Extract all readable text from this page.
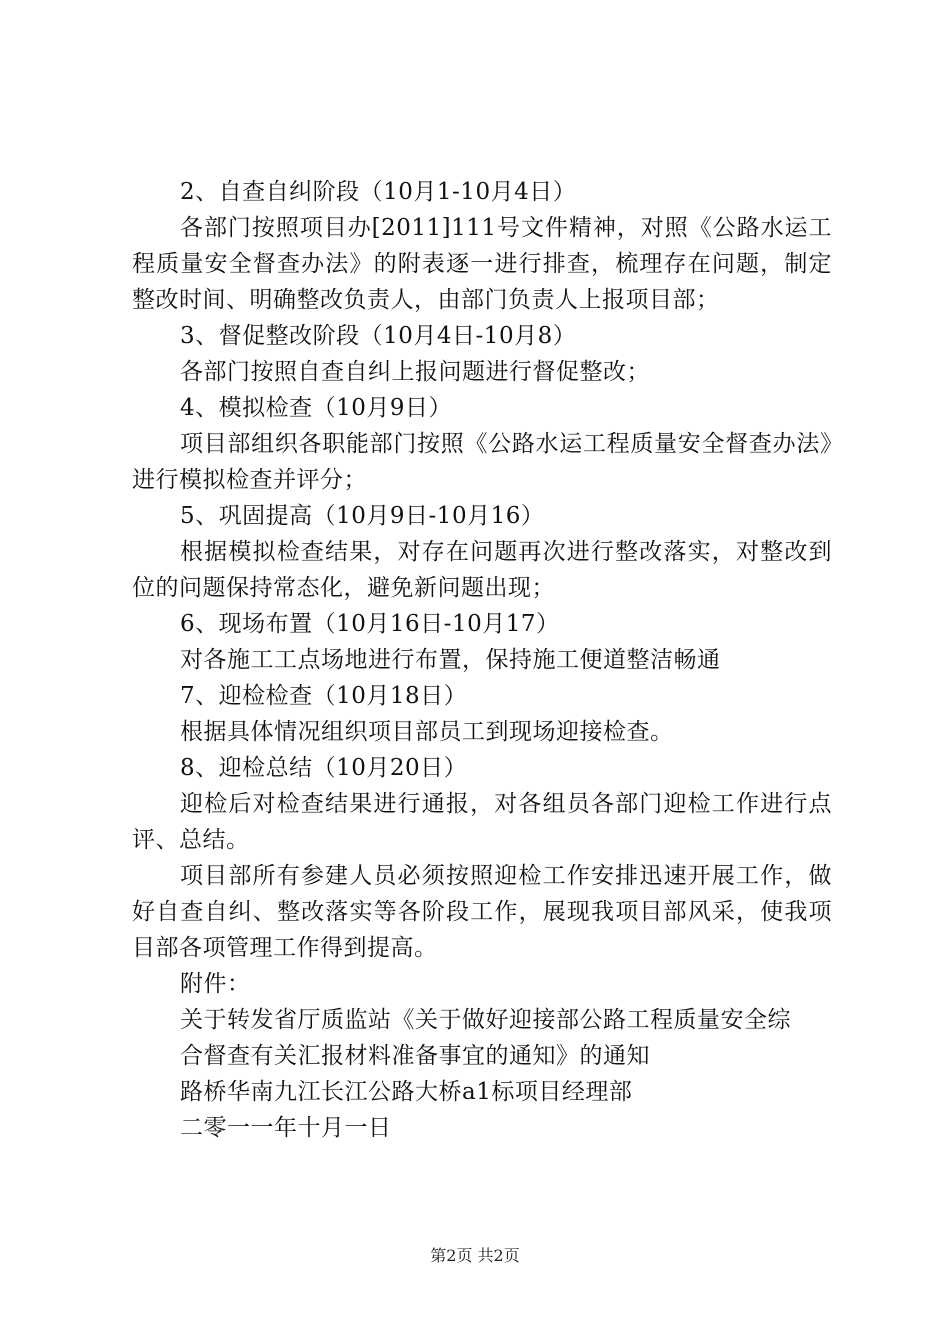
2、自查自纠阶段（10月1-10月4日）

各部门按照项目办[2011]111号文件精神，对照《公路水运工程质量安全督查办法》的附表逐一进行排查，梳理存在问题，制定整改时间、明确整改负责人，由部门负责人上报项目部；

3、督促整改阶段（10月4日-10月8）

各部门按照自查自纠上报问题进行督促整改；

4、模拟检查（10月9日）

项目部组织各职能部门按照《公路水运工程质量安全督查办法》进行模拟检查并评分；

5、巩固提高（10月9日-10月16）

根据模拟检查结果，对存在问题再次进行整改落实，对整改到位的问题保持常态化，避免新问题出现；

6、现场布置（10月16日-10月17）

对各施工工点场地进行布置，保持施工便道整洁畅通

7、迎检检查（10月18日）

根据具体情况组织项目部员工到现场迎接检查。

8、迎检总结（10月20日）

迎检后对检查结果进行通报，对各组员各部门迎检工作进行点评、总结。

项目部所有参建人员必须按照迎检工作安排迅速开展工作，做好自查自纠、整改落实等各阶段工作，展现我项目部风采，使我项目部各项管理工作得到提高。

附件：

关于转发省厅质监站《关于做好迎接部公路工程质量安全综

合督查有关汇报材料准备事宜的通知》的通知

路桥华南九江长江公路大桥a1标项目经理部

二零一一年十月一日

第2页 共2页
